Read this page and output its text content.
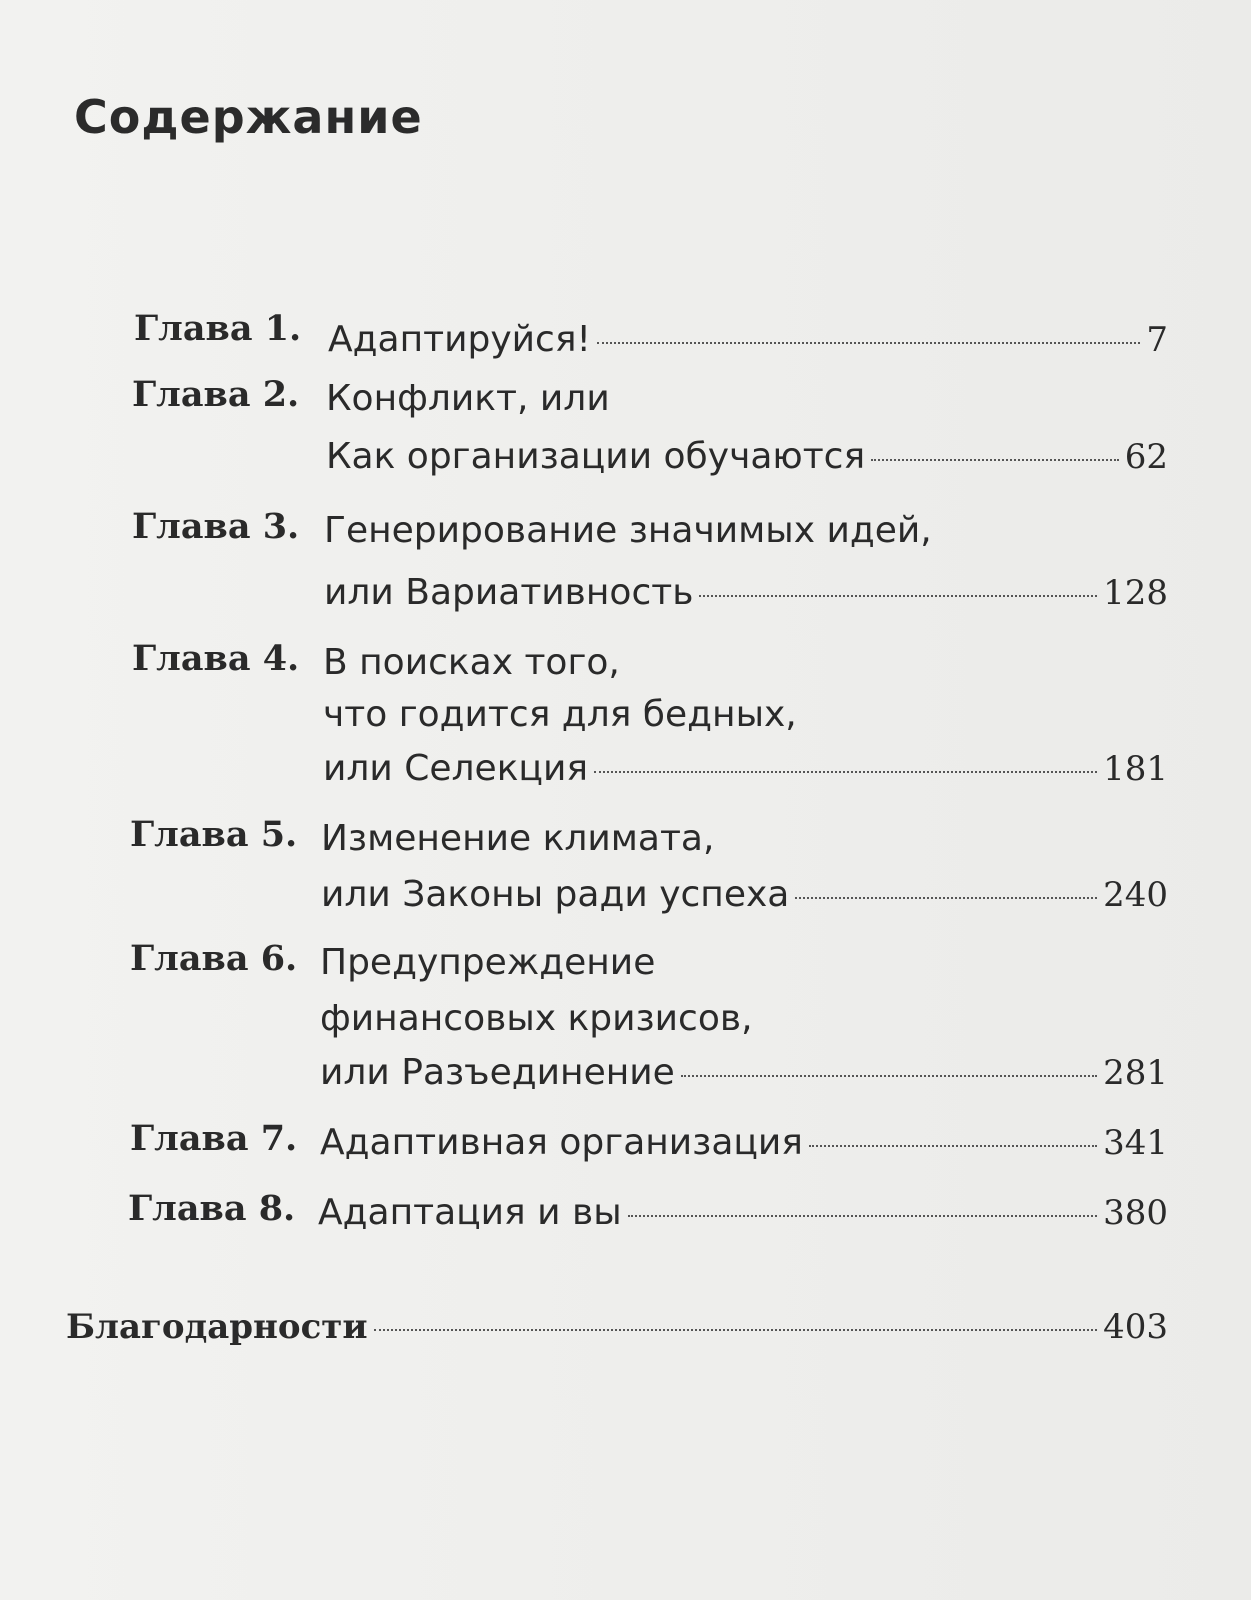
Содержание
Глава 1. Адаптируйся!	7
Глава 2. Конфликт, или
Как организации обучаются	62
Глава 3. Генерирование значимых идей,
или Вариативность	128
Глава 4. В поисках того,
что годится для бедных,
или Селекция	181
Глава 5. Изменение климата,
или Законы ради успеха	240
Глава 6. Предупреждение
финансовых кризисов,
или Разъединение	281
Глава 7. Адаптивная организация	341
Глава 8. Адаптация и вы	380
Благодарности	403
